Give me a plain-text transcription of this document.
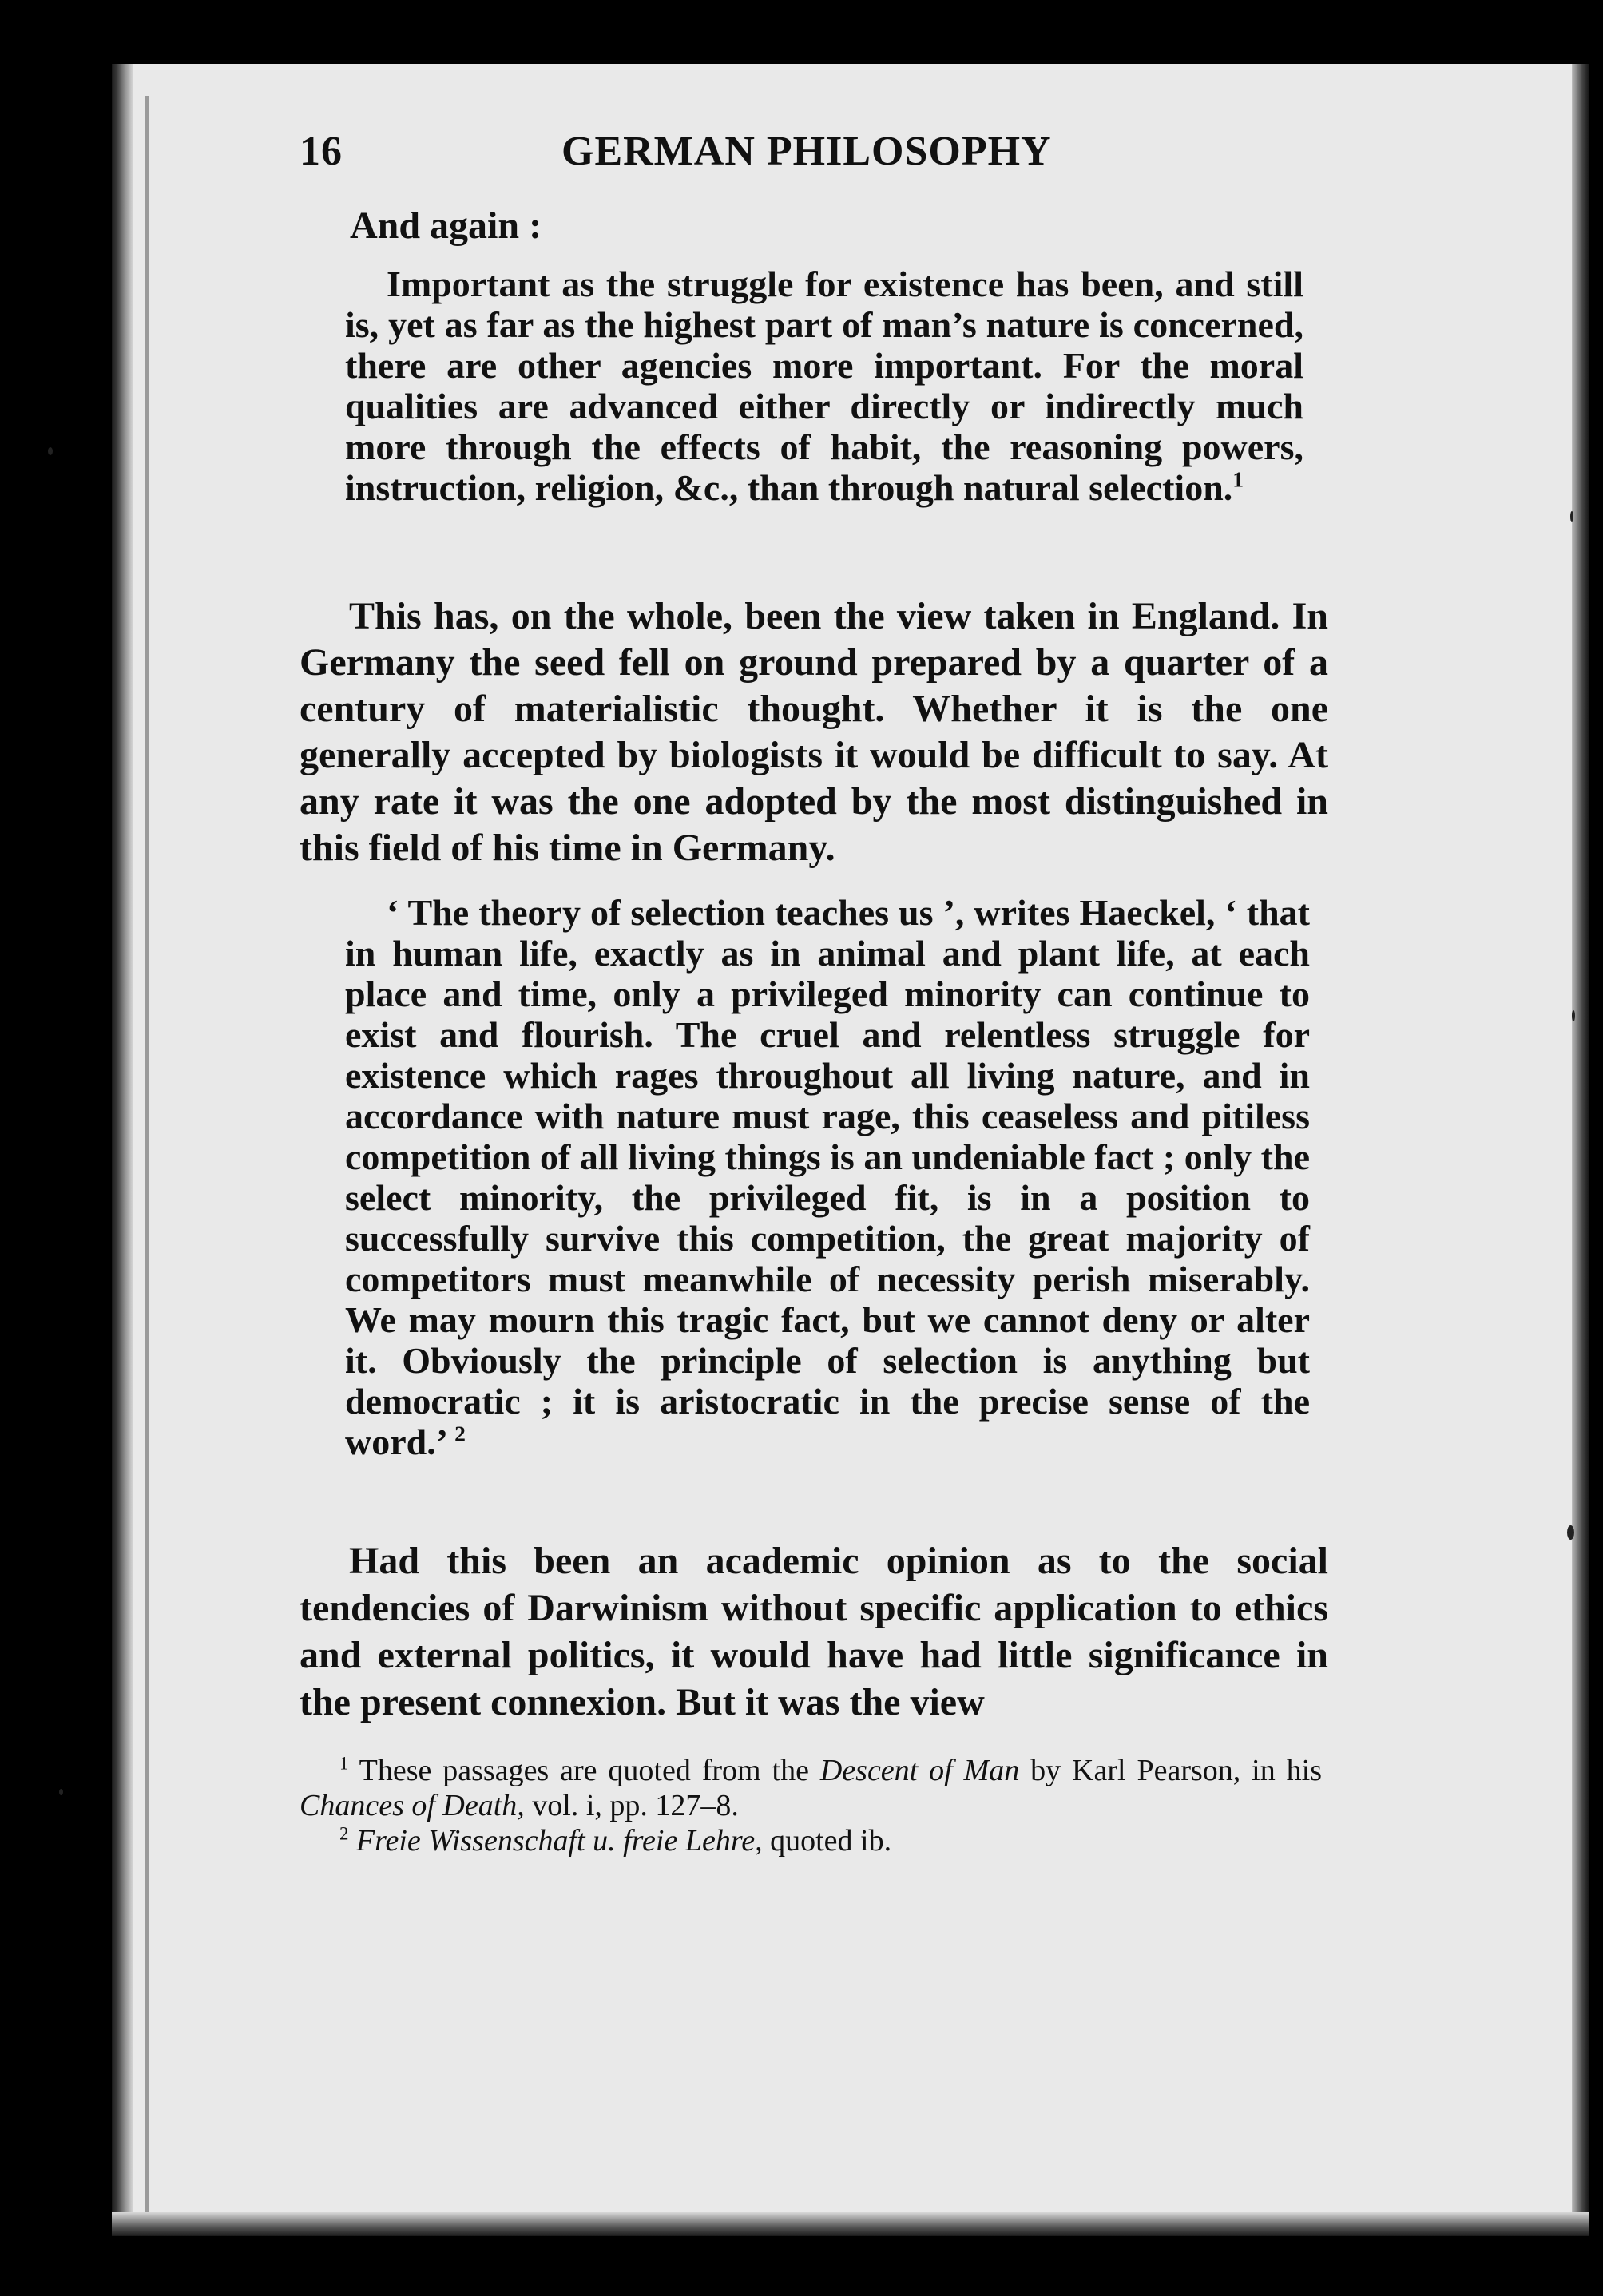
16	GERMAN PHILOSOPHY
And again :
Important as the struggle for existence has been, and still is, yet as far as the highest part of man’s nature is concerned, there are other agencies more important. For the moral qualities are advanced either directly or indirectly much more through the effects of habit, the reasoning powers, instruction, religion, &c., than through natural selection.$^1$
This has, on the whole, been the view taken in England. In Germany the seed fell on ground prepared by a quarter of a century of materialistic thought. Whether it is the one generally accepted by biologists it would be difficult to say. At any rate it was the one adopted by the most distinguished in this field of his time in Germany.
‘ The theory of selection teaches us ’, writes Haeckel, ‘ that in human life, exactly as in animal and plant life, at each place and time, only a privileged minority can continue to exist and flourish. The cruel and relentless struggle for existence which rages throughout all living nature, and in accordance with nature must rage, this ceaseless and pitiless competition of all living things is an undeniable fact ; only the select minority, the privileged fit, is in a position to successfully survive this competition, the great majority of competitors must meanwhile of necessity perish miserably. We may mourn this tragic fact, but we cannot deny or alter it. Obviously the principle of selection is anything but democratic ; it is aristocratic in the precise sense of the word.’ $^2$
Had this been an academic opinion as to the social tendencies of Darwinism without specific application to ethics and external politics, it would have had little significance in the present connexion. But it was the view
$^1$ These passages are quoted from the Descent of Man by Karl Pearson, in his Chances of Death, vol. i, pp. 127–8.
$^2$ Freie Wissenschaft u. freie Lehre, quoted ib.
